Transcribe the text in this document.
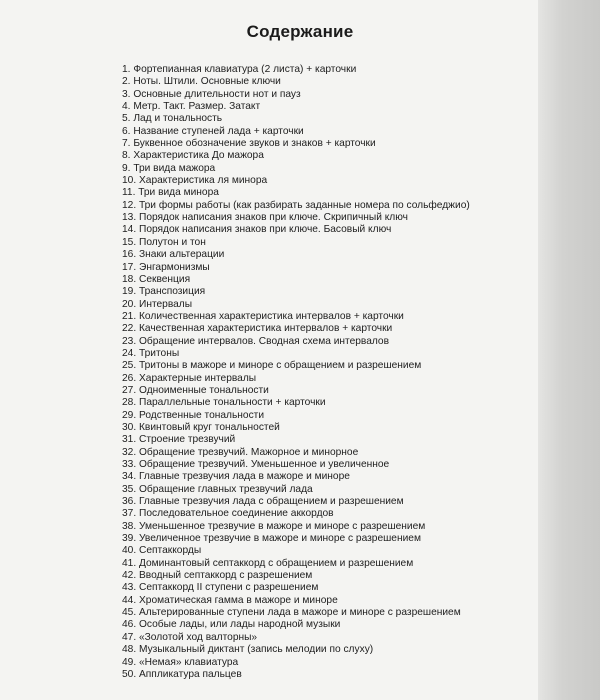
Содержание
1. Фортепианная клавиатура (2 листа) + карточки
2. Ноты. Штили. Основные ключи
3. Основные длительности нот и пауз
4. Метр. Такт. Размер. Затакт
5. Лад и тональность
6. Название ступеней лада + карточки
7. Буквенное обозначение звуков и знаков + карточки
8. Характеристика До мажора
9. Три вида мажора
10. Характеристика ля минора
11. Три вида минора
12. Три формы работы (как разбирать заданные номера по сольфеджио)
13. Порядок написания знаков при ключе. Скрипичный ключ
14. Порядок написания знаков при ключе. Басовый ключ
15. Полутон и тон
16. Знаки альтерации
17. Энгармонизмы
18. Секвенция
19. Транспозиция
20. Интервалы
21. Количественная характеристика интервалов + карточки
22. Качественная характеристика интервалов + карточки
23. Обращение интервалов. Сводная схема интервалов
24. Тритоны
25. Тритоны в мажоре и миноре с обращением и разрешением
26. Характерные интервалы
27. Одноименные тональности
28. Параллельные тональности + карточки
29. Родственные тональности
30. Квинтовый круг тональностей
31. Строение трезвучий
32. Обращение трезвучий. Мажорное и минорное
33. Обращение трезвучий. Уменьшенное и увеличенное
34. Главные трезвучия лада в мажоре и миноре
35. Обращение главных трезвучий лада
36. Главные трезвучия лада с обращением и разрешением
37. Последовательное соединение аккордов
38. Уменьшенное трезвучие в мажоре и миноре с разрешением
39. Увеличенное трезвучие в мажоре и миноре с разрешением
40. Септаккорды
41. Доминантовый септаккорд с обращением и разрешением
42. Вводный септаккорд с разрешением
43. Септаккорд II ступени с разрешением
44. Хроматическая гамма в мажоре и миноре
45. Альтерированные ступени лада в мажоре и миноре с разрешением
46. Особые лады, или лады народной музыки
47. «Золотой ход валторны»
48. Музыкальный диктант (запись мелодии по слуху)
49. «Немая» клавиатура
50. Аппликатура пальцев
